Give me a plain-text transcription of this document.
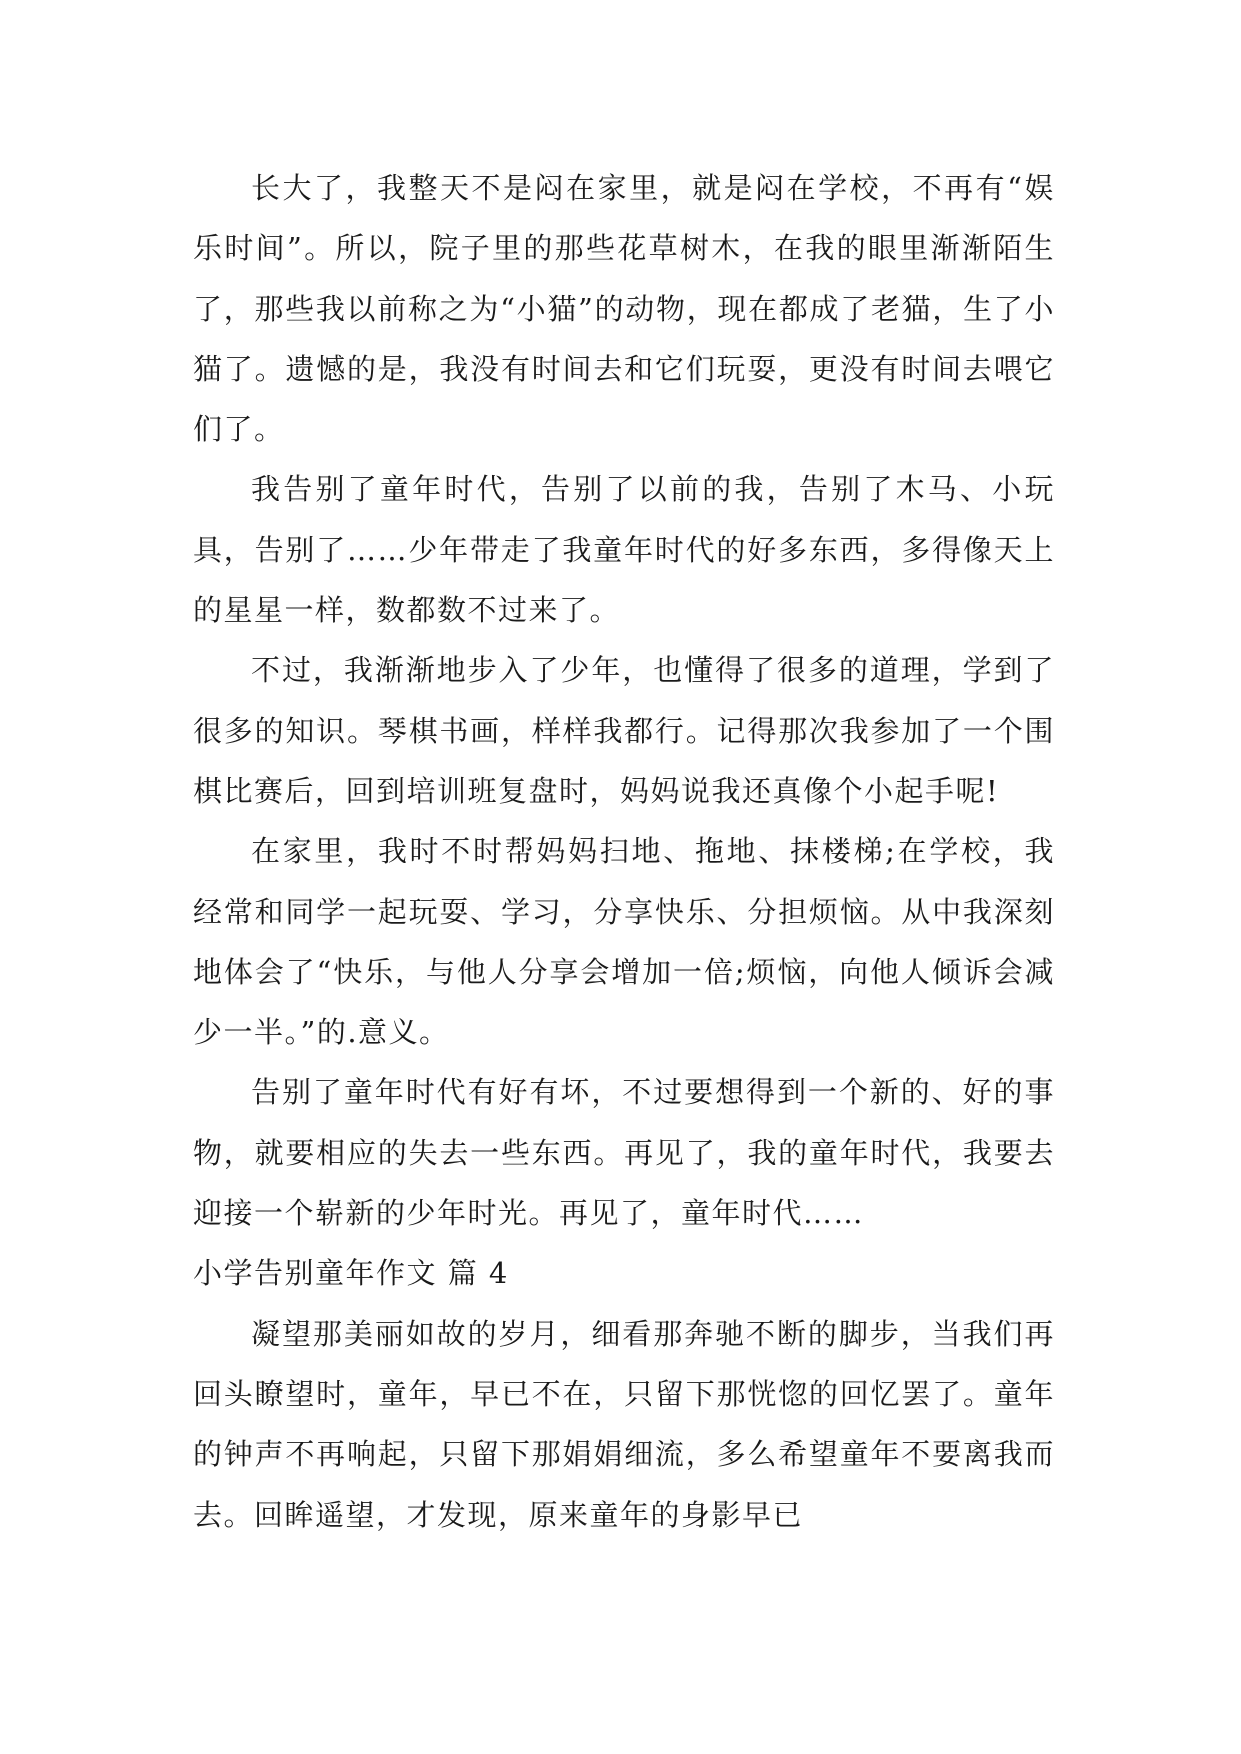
长大了，我整天不是闷在家里，就是闷在学校，不再有“娱乐时间”。所以，院子里的那些花草树木，在我的眼里渐渐陌生了，那些我以前称之为“小猫”的动物，现在都成了老猫，生了小猫了。遗憾的是，我没有时间去和它们玩耍，更没有时间去喂它们了。

我告别了童年时代，告别了以前的我，告别了木马、小玩具，告别了……少年带走了我童年时代的好多东西，多得像天上的星星一样，数都数不过来了。

不过，我渐渐地步入了少年，也懂得了很多的道理，学到了很多的知识。琴棋书画，样样我都行。记得那次我参加了一个围棋比赛后，回到培训班复盘时，妈妈说我还真像个小起手呢!

在家里，我时不时帮妈妈扫地、拖地、抹楼梯;在学校，我经常和同学一起玩耍、学习，分享快乐、分担烦恼。从中我深刻地体会了“快乐，与他人分享会增加一倍;烦恼，向他人倾诉会减少一半。”的.意义。

告别了童年时代有好有坏，不过要想得到一个新的、好的事物，就要相应的失去一些东西。再见了，我的童年时代，我要去迎接一个崭新的少年时光。再见了，童年时代……

小学告别童年作文 篇 4

凝望那美丽如故的岁月，细看那奔驰不断的脚步，当我们再回头瞭望时，童年，早已不在，只留下那恍惚的回忆罢了。童年的钟声不再响起，只留下那娟娟细流，多么希望童年不要离我而去。回眸遥望，才发现，原来童年的身影早已
